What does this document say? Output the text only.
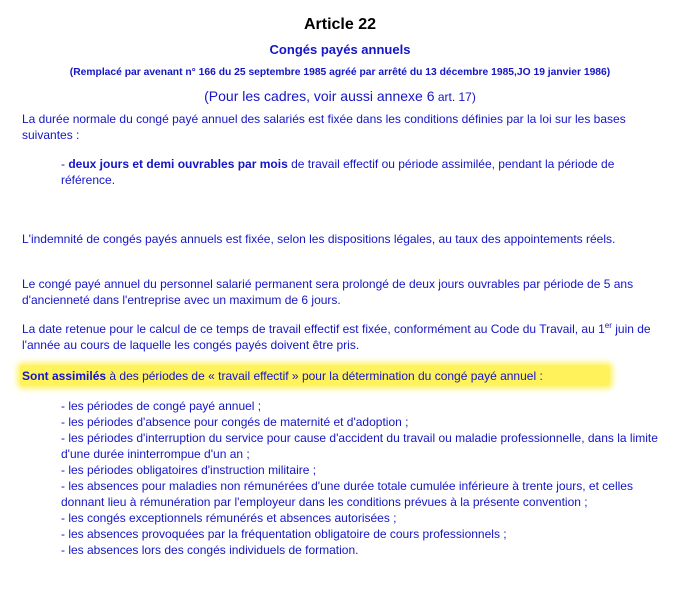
Article 22
Congés payés annuels
(Remplacé par avenant n° 166 du 25 septembre 1985 agréé par arrêté du 13 décembre 1985,JO 19 janvier 1986)
(Pour les cadres, voir aussi annexe 6 art. 17)
La durée normale du congé payé annuel des salariés est fixée dans les conditions définies par la loi sur les bases suivantes :
- deux jours et demi ouvrables par mois de travail effectif ou période assimilée, pendant la période de référence.
L'indemnité de congés payés annuels est fixée, selon les dispositions légales, au taux des appointements réels.
Le congé payé annuel du personnel salarié permanent sera prolongé de deux jours ouvrables par période de 5 ans d'ancienneté dans l'entreprise avec un maximum de 6 jours.
La date retenue pour le calcul de ce temps de travail effectif est fixée, conformément au Code du Travail, au 1er juin de l'année au cours de laquelle les congés payés doivent être pris.
Sont assimilés à des périodes de « travail effectif » pour la détermination du congé payé annuel :
- les périodes de congé payé annuel ;
- les périodes d'absence pour congés de maternité et d'adoption ;
- les périodes d'interruption du service pour cause d'accident du travail ou maladie professionnelle, dans la limite d'une durée ininterrompue d'un an ;
- les périodes obligatoires d'instruction militaire ;
- les absences pour maladies non rémunérées d'une durée totale cumulée inférieure à trente jours, et celles donnant lieu à rémunération par l'employeur dans les conditions prévues à la présente convention ;
- les congés exceptionnels rémunérés et absences autorisées ;
- les absences provoquées par la fréquentation obligatoire de cours professionnels ;
- les absences lors des congés individuels de formation.
